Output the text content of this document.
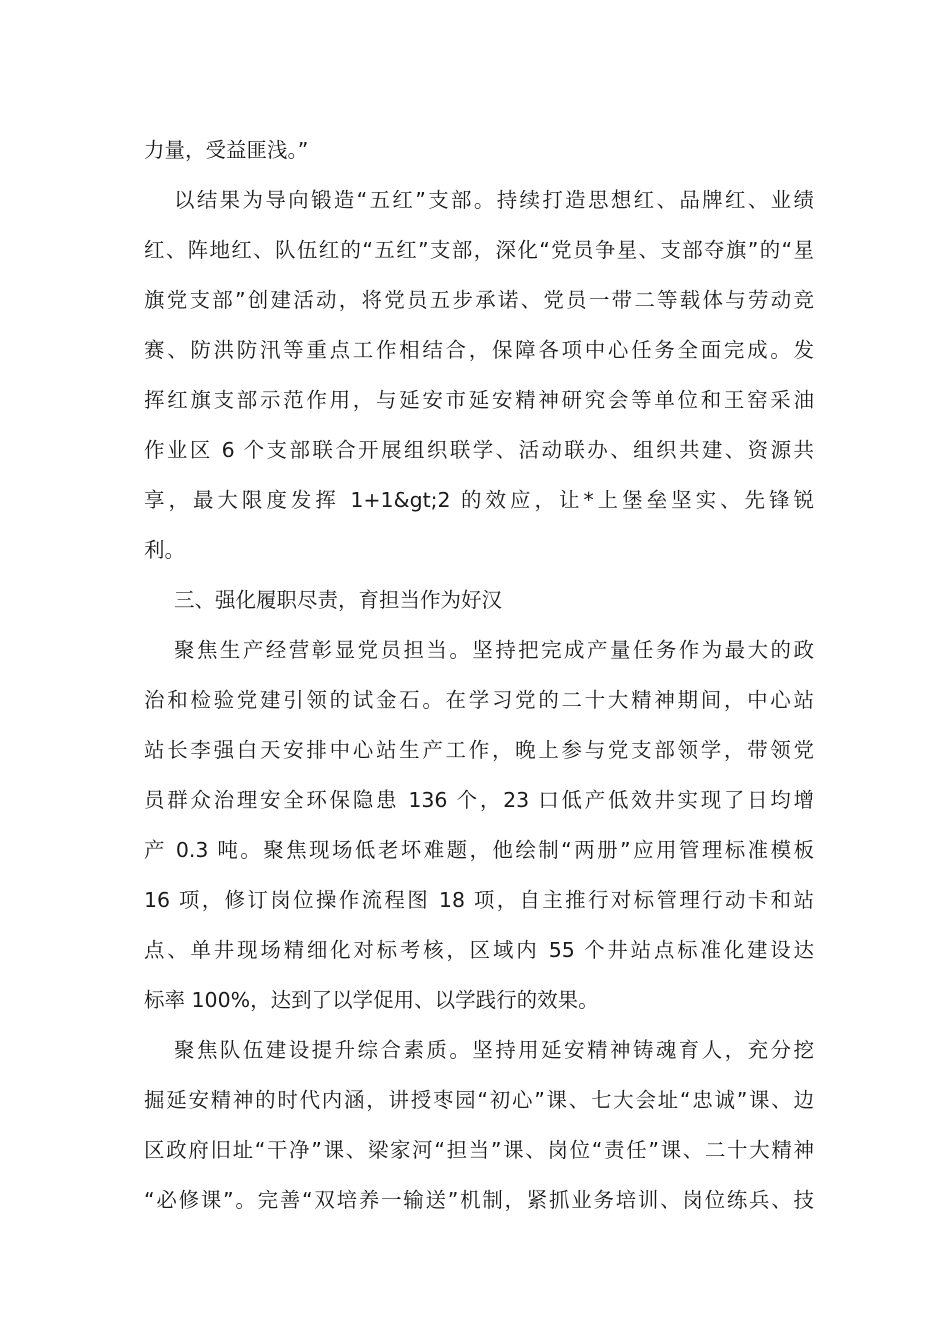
力量，受益匪浅。”
以结果为导向锻造“五红”支部。持续打造思想红、品牌红、业绩
红、阵地红、队伍红的“五红”支部，深化“党员争星、支部夺旗”的“星
旗党支部”创建活动，将党员五步承诺、党员一带二等载体与劳动竞
赛、防洪防汛等重点工作相结合，保障各项中心任务全面完成。发
挥红旗支部示范作用，与延安市延安精神研究会等单位和王窑采油
作业区 6 个支部联合开展组织联学、活动联办、组织共建、资源共
享，最大限度发挥 1+1&gt;2 的效应，让*上堡垒坚实、先锋锐
利。
三、强化履职尽责，育担当作为好汉
聚焦生产经营彰显党员担当。坚持把完成产量任务作为最大的政
治和检验党建引领的试金石。在学习党的二十大精神期间，中心站
站长李强白天安排中心站生产工作，晚上参与党支部领学，带领党
员群众治理安全环保隐患 136 个，23 口低产低效井实现了日均增
产 0.3 吨。聚焦现场低老坏难题，他绘制“两册”应用管理标准模板
16 项，修订岗位操作流程图 18 项，自主推行对标管理行动卡和站
点、单井现场精细化对标考核，区域内 55 个井站点标准化建设达
标率 100%，达到了以学促用、以学践行的效果。
聚焦队伍建设提升综合素质。坚持用延安精神铸魂育人，充分挖
掘延安精神的时代内涵，讲授枣园“初心”课、七大会址“忠诚”课、边
区政府旧址“干净”课、梁家河“担当”课、岗位“责任”课、二十大精神
“必修课”。完善“双培养一输送”机制，紧抓业务培训、岗位练兵、技
